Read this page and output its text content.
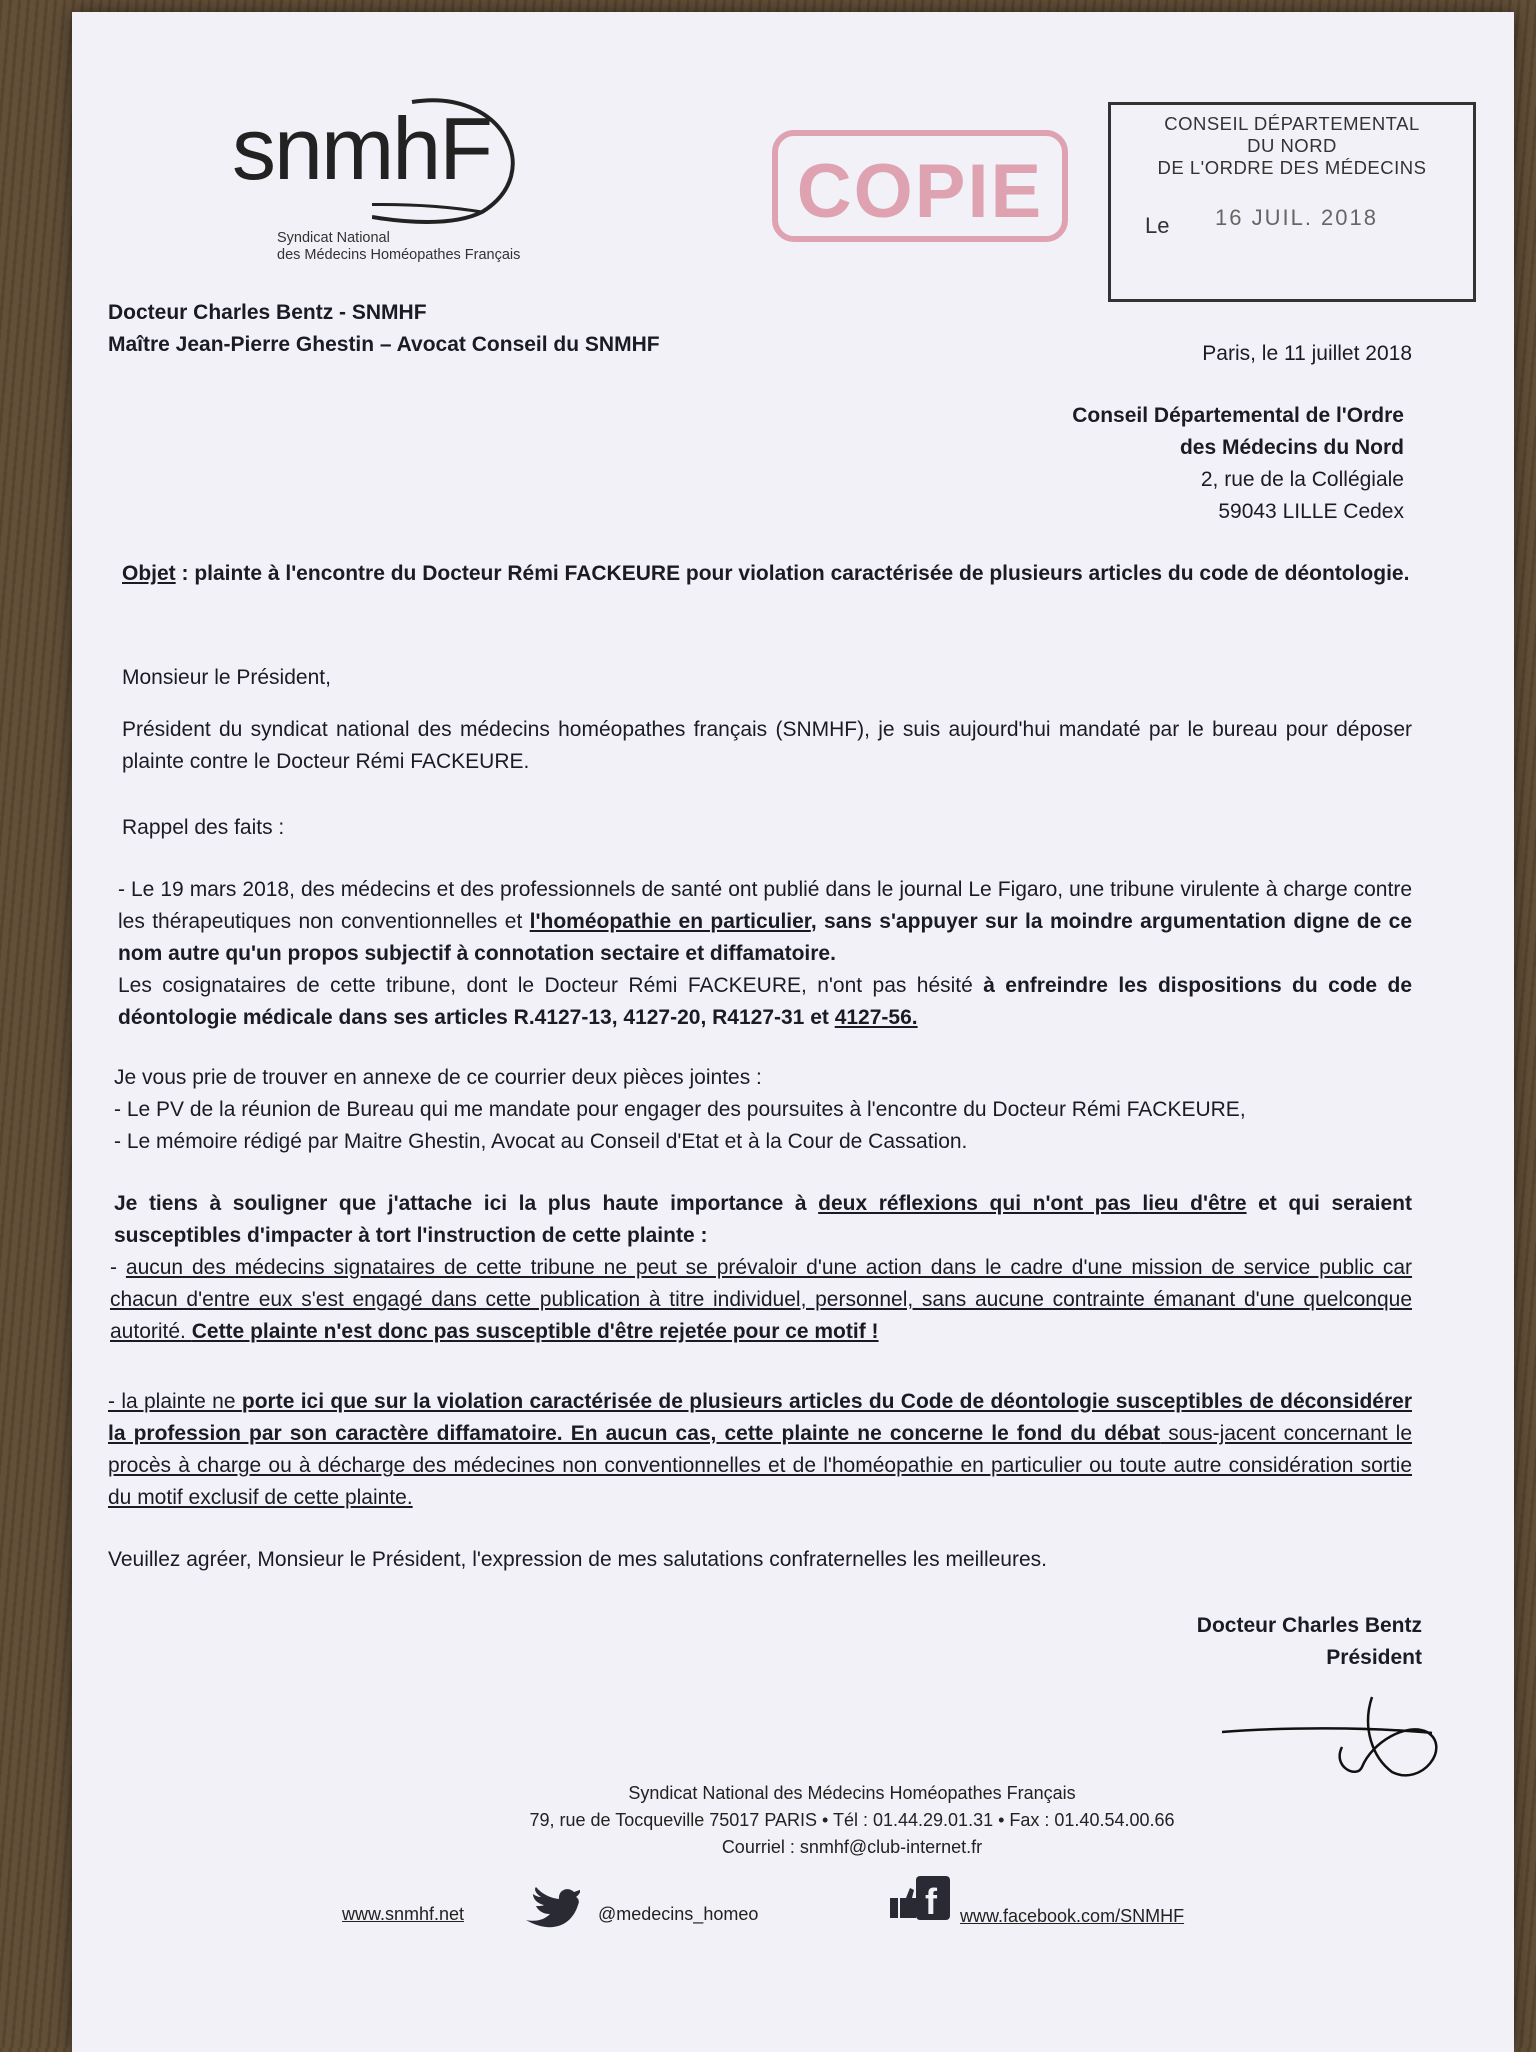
snmhF
Syndicat National
des Médecins Homéopathes Français
COPIE
CONSEIL DÉPARTEMENTAL
DU NORD
DE L'ORDRE DES MÉDECINS
Le 16 JUIL. 2018
Docteur Charles Bentz - SNMHF
Maître Jean-Pierre Ghestin – Avocat Conseil du SNMHF	Paris, le 11 juillet 2018
Conseil Départemental de l'Ordre
des Médecins du Nord
2, rue de la Collégiale
59043 LILLE Cedex
Objet : plainte à l'encontre du Docteur Rémi FACKEURE pour violation caractérisée de plusieurs articles du code de déontologie.
Monsieur le Président,
Président du syndicat national des médecins homéopathes français (SNMHF), je suis aujourd'hui mandaté par le bureau pour déposer plainte contre le Docteur Rémi FACKEURE.
Rappel des faits :
- Le 19 mars 2018, des médecins et des professionnels de santé ont publié dans le journal Le Figaro, une tribune virulente à charge contre les thérapeutiques non conventionnelles et l'homéopathie en particulier, sans s'appuyer sur la moindre argumentation digne de ce nom autre qu'un propos subjectif à connotation sectaire et diffamatoire.
Les cosignataires de cette tribune, dont le Docteur Rémi FACKEURE, n'ont pas hésité à enfreindre les dispositions du code de déontologie médicale dans ses articles R.4127-13, 4127-20, R4127-31 et 4127-56.
Je vous prie de trouver en annexe de ce courrier deux pièces jointes :
- Le PV de la réunion de Bureau qui me mandate pour engager des poursuites à l'encontre du Docteur Rémi FACKEURE,
- Le mémoire rédigé par Maitre Ghestin, Avocat au Conseil d'Etat et à la Cour de Cassation.
Je tiens à souligner que j'attache ici la plus haute importance à deux réflexions qui n'ont pas lieu d'être et qui seraient susceptibles d'impacter à tort l'instruction de cette plainte :
- aucun des médecins signataires de cette tribune ne peut se prévaloir d'une action dans le cadre d'une mission de service public car chacun d'entre eux s'est engagé dans cette publication à titre individuel, personnel, sans aucune contrainte émanant d'une quelconque autorité. Cette plainte n'est donc pas susceptible d'être rejetée pour ce motif !
- la plainte ne porte ici que sur la violation caractérisée de plusieurs articles du Code de déontologie susceptibles de déconsidérer la profession par son caractère diffamatoire. En aucun cas, cette plainte ne concerne le fond du débat sous-jacent concernant le procès à charge ou à décharge des médecines non conventionnelles et de l'homéopathie en particulier ou toute autre considération sortie du motif exclusif de cette plainte.
Veuillez agréer, Monsieur le Président, l'expression de mes salutations confraternelles les meilleures.
Docteur Charles Bentz
Président
Syndicat National des Médecins Homéopathes Français
79, rue de Tocqueville 75017 PARIS • Tél : 01.44.29.01.31 • Fax : 01.40.54.00.66
Courriel : snmhf@club-internet.fr
www.snmhf.net	@medecins_homeo	f www.facebook.com/SNMHF
